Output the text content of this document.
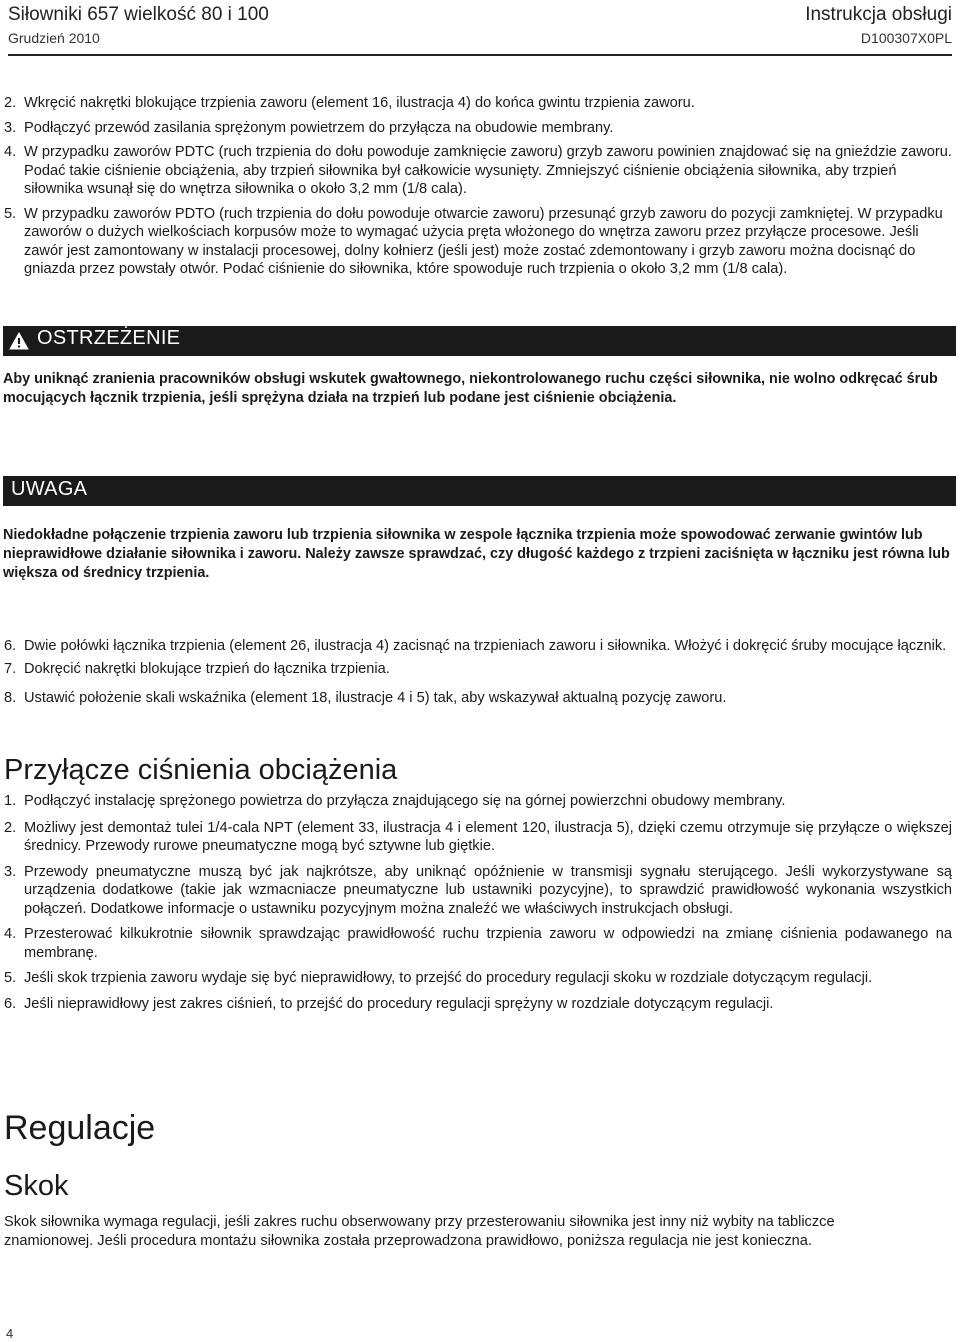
Siłowniki 657 wielkość 80 i 100
Grudzień 2010
Instrukcja obsługi
D100307X0PL
2. Wkręcić nakrętki blokujące trzpienia zaworu (element 16, ilustracja 4) do końca gwintu trzpienia zaworu.
3. Podłączyć przewód zasilania sprężonym powietrzem do przyłącza na obudowie membrany.
4. W przypadku zaworów PDTC (ruch trzpienia do dołu powoduje zamknięcie zaworu) grzyb zaworu powinien znajdować się na gnieździe zaworu. Podać takie ciśnienie obciążenia, aby trzpień siłownika był całkowicie wysunięty. Zmniejszyć ciśnienie obciążenia siłownika, aby trzpień siłownika wsunął się do wnętrza siłownika o około 3,2 mm (1/8 cala).
5. W przypadku zaworów PDTO (ruch trzpienia do dołu powoduje otwarcie zaworu) przesunąć grzyb zaworu do pozycji zamkniętej. W przypadku zaworów o dużych wielkościach korpusów może to wymagać użycia pręta włożonego do wnętrza zaworu przez przyłącze procesowe. Jeśli zawór jest zamontowany w instalacji procesowej, dolny kołnierz (jeśli jest) może zostać zdemontowany i grzyb zaworu można docisnąć do gniazda przez powstały otwór. Podać ciśnienie do siłownika, które spowoduje ruch trzpienia o około 3,2 mm (1/8 cala).
OSTRZEŻENIE
Aby uniknąć zranienia pracowników obsługi wskutek gwałtownego, niekontrolowanego ruchu części siłownika, nie wolno odkręcać śrub mocujących łącznik trzpienia, jeśli sprężyna działa na trzpień lub podane jest ciśnienie obciążenia.
UWAGA
Niedokładne połączenie trzpienia zaworu lub trzpienia siłownika w zespole łącznika trzpienia może spowodować zerwanie gwintów lub nieprawidłowe działanie siłownika i zaworu. Należy zawsze sprawdzać, czy długość każdego z trzpieni zaciśnięta w łączniku jest równa lub większa od średnicy trzpienia.
6. Dwie połówki łącznika trzpienia (element 26, ilustracja 4) zacisnąć na trzpieniach zaworu i siłownika. Włożyć i dokręcić śruby mocujące łącznik.
7. Dokręcić nakrętki blokujące trzpień do łącznika trzpienia.
8. Ustawić położenie skali wskaźnika (element 18, ilustracje 4 i 5) tak, aby wskazywał aktualną pozycję zaworu.
Przyłącze ciśnienia obciążenia
1. Podłączyć instalację sprężonego powietrza do przyłącza znajdującego się na górnej powierzchni obudowy membrany.
2. Możliwy jest demontaż tulei 1/4-cala NPT (element 33, ilustracja 4 i element 120, ilustracja 5), dzięki czemu otrzymuje się przyłącze o większej średnicy. Przewody rurowe pneumatyczne mogą być sztywne lub giętkie.
3. Przewody pneumatyczne muszą być jak najkrótsze, aby uniknąć opóźnienie w transmisji sygnału sterującego. Jeśli wykorzystywane są urządzenia dodatkowe (takie jak wzmacniacze pneumatyczne lub ustawniki pozycyjne), to sprawdzić prawidłowość wykonania wszystkich połączeń. Dodatkowe informacje o ustawniku pozycyjnym można znaleźć we właściwych instrukcjach obsługi.
4. Przesterować kilkukrotnie siłownik sprawdzając prawidłowość ruchu trzpienia zaworu w odpowiedzi na zmianę ciśnienia podawanego na membranę.
5. Jeśli skok trzpienia zaworu wydaje się być nieprawidłowy, to przejść do procedury regulacji skoku w rozdziale dotyczącym regulacji.
6. Jeśli nieprawidłowy jest zakres ciśnień, to przejść do procedury regulacji sprężyny w rozdziale dotyczącym regulacji.
Regulacje
Skok
Skok siłownika wymaga regulacji, jeśli zakres ruchu obserwowany przy przesterowaniu siłownika jest inny niż wybity na tabliczce znamionowej. Jeśli procedura montażu siłownika została przeprowadzona prawidłowo, poniższa regulacja nie jest konieczna.
4
